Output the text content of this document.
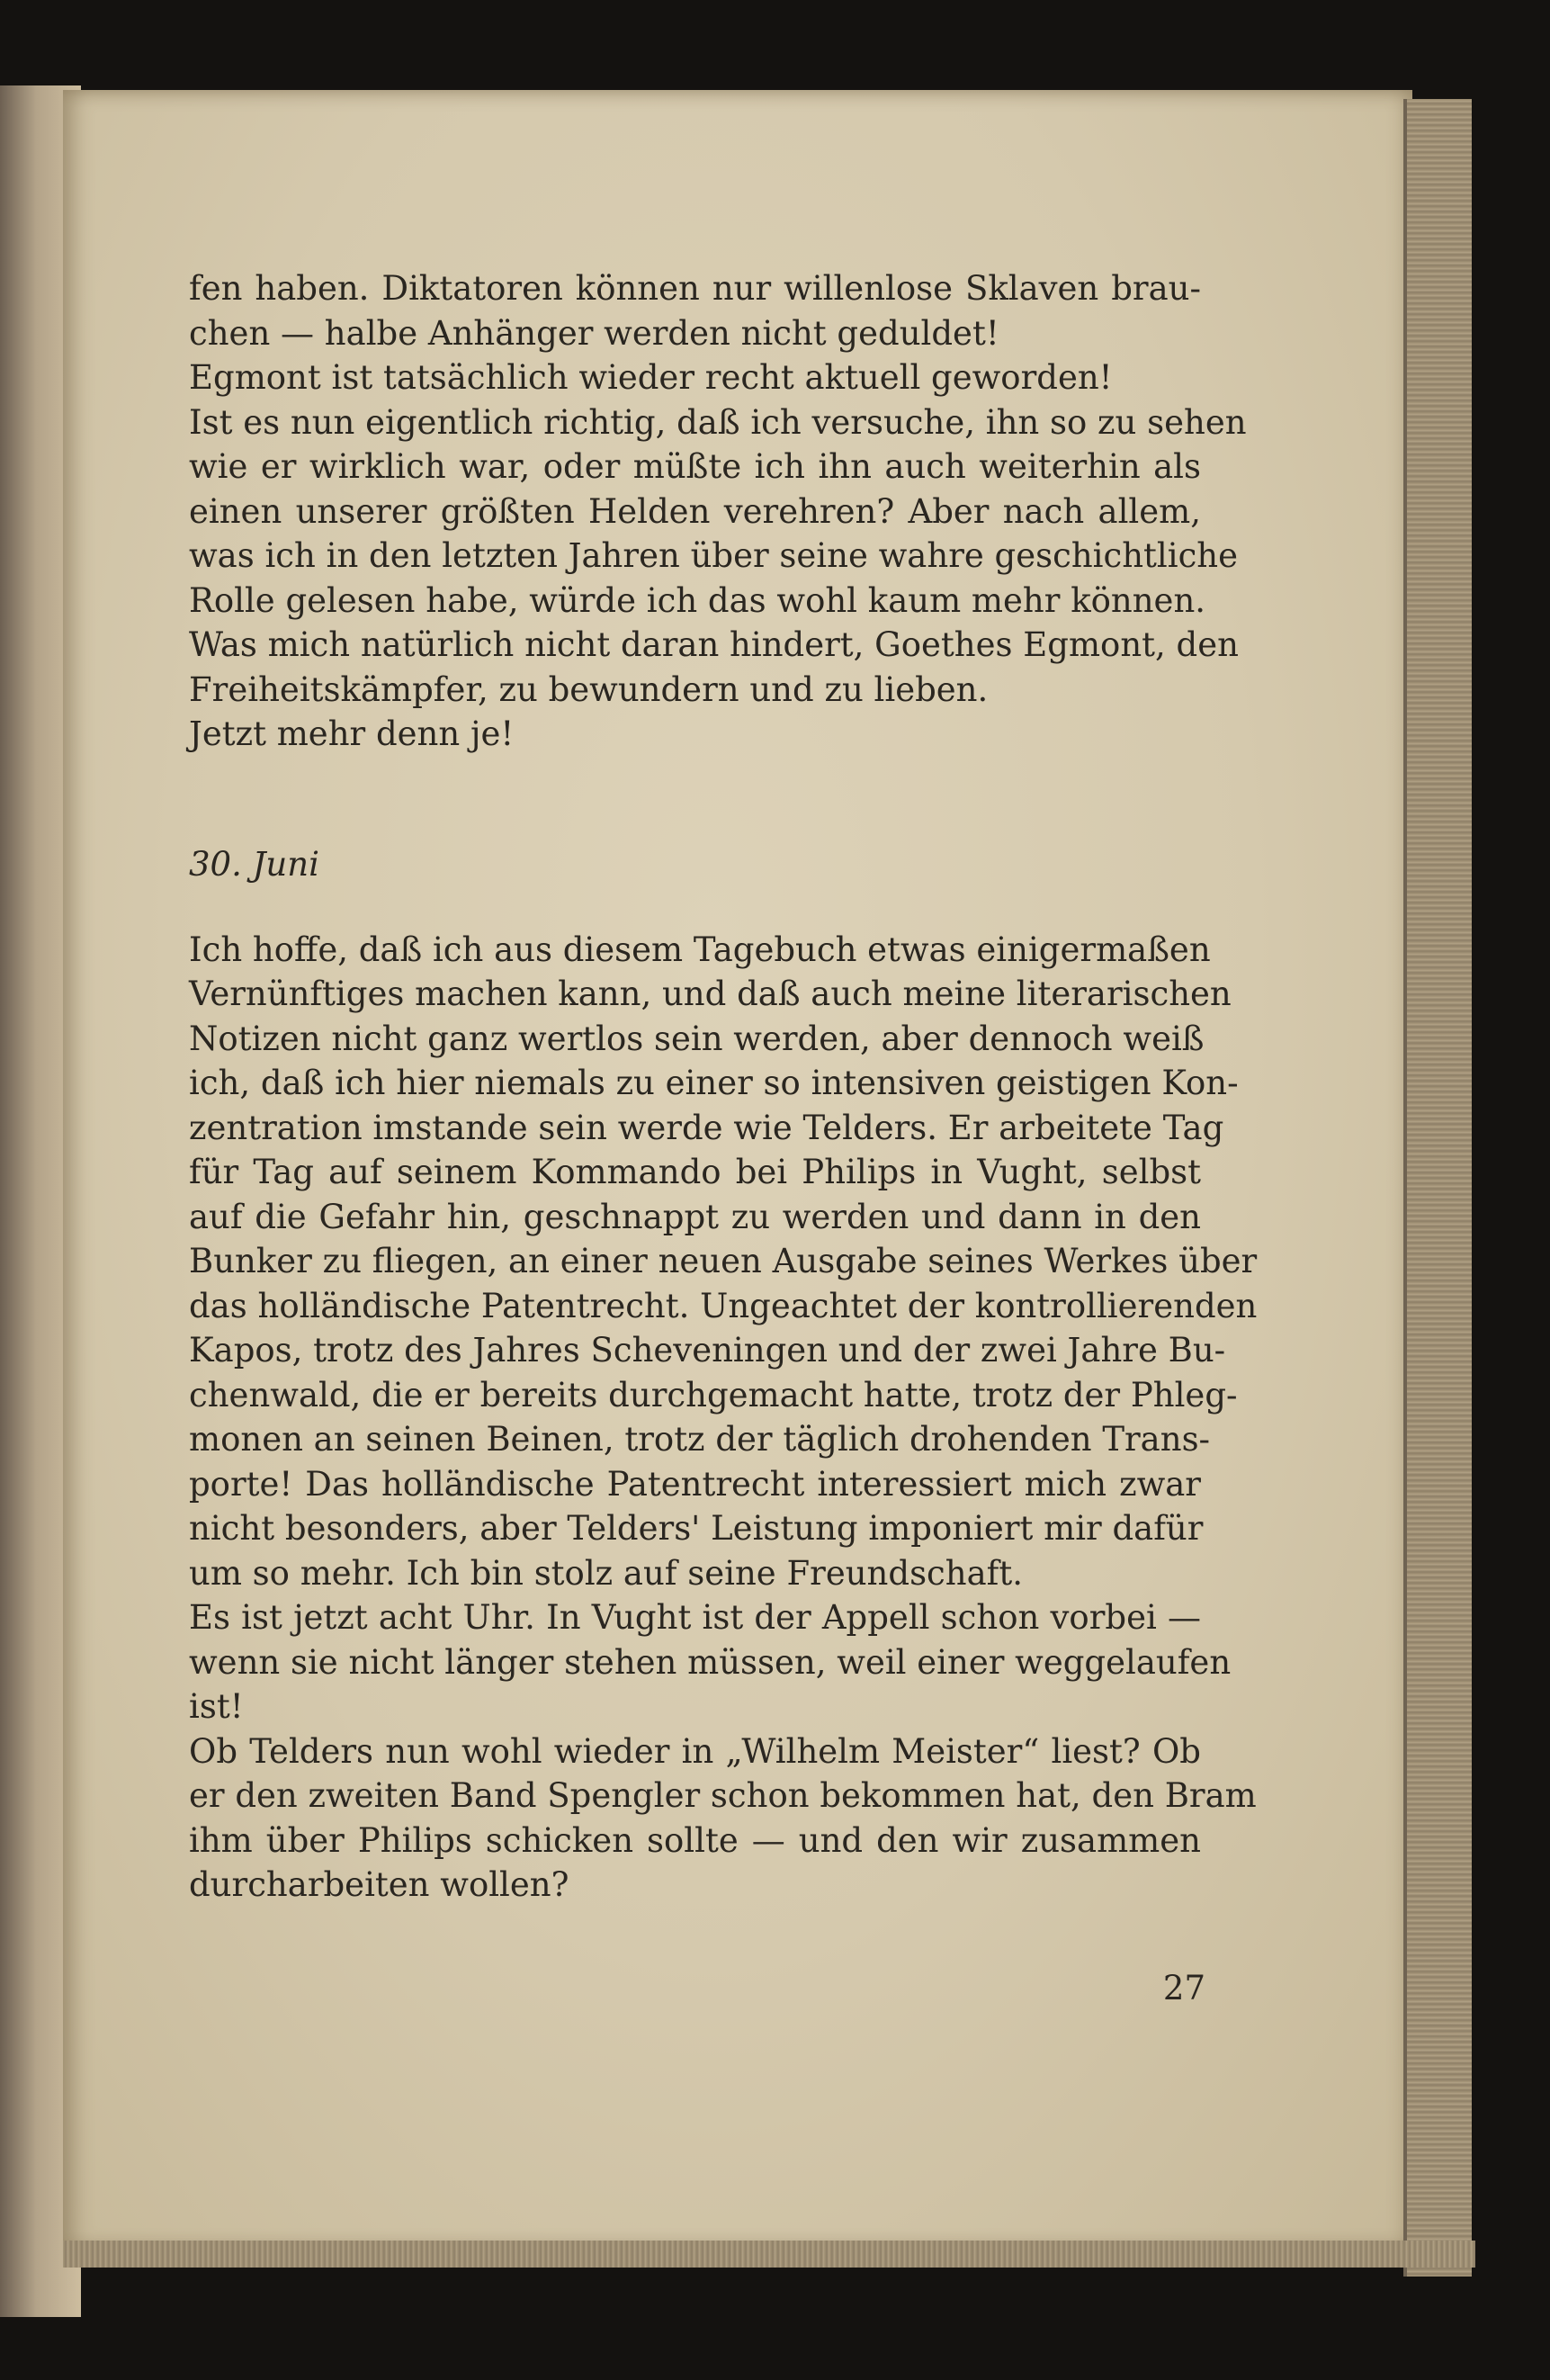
fen haben. Diktatoren können nur willenlose Sklaven brau-
chen — halbe Anhänger werden nicht geduldet!
Egmont ist tatsächlich wieder recht aktuell geworden!
Ist es nun eigentlich richtig, daß ich versuche, ihn so zu sehen
wie er wirklich war, oder müßte ich ihn auch weiterhin als
einen unserer größten Helden verehren? Aber nach allem,
was ich in den letzten Jahren über seine wahre geschichtliche
Rolle gelesen habe, würde ich das wohl kaum mehr können.
Was mich natürlich nicht daran hindert, Goethes Egmont, den
Freiheitskämpfer, zu bewundern und zu lieben.
Jetzt mehr denn je!
30. Juni
Ich hoffe, daß ich aus diesem Tagebuch etwas einigermaßen
Vernünftiges machen kann, und daß auch meine literarischen
Notizen nicht ganz wertlos sein werden, aber dennoch weiß
ich, daß ich hier niemals zu einer so intensiven geistigen Kon-
zentration imstande sein werde wie Telders. Er arbeitete Tag
für Tag auf seinem Kommando bei Philips in Vught, selbst
auf die Gefahr hin, geschnappt zu werden und dann in den
Bunker zu fliegen, an einer neuen Ausgabe seines Werkes über
das holländische Patentrecht. Ungeachtet der kontrollierenden
Kapos, trotz des Jahres Scheveningen und der zwei Jahre Bu-
chenwald, die er bereits durchgemacht hatte, trotz der Phleg-
monen an seinen Beinen, trotz der täglich drohenden Trans-
porte! Das holländische Patentrecht interessiert mich zwar
nicht besonders, aber Telders' Leistung imponiert mir dafür
um so mehr. Ich bin stolz auf seine Freundschaft.
Es ist jetzt acht Uhr. In Vught ist der Appell schon vorbei —
wenn sie nicht länger stehen müssen, weil einer weggelaufen
ist!
Ob Telders nun wohl wieder in „Wilhelm Meister“ liest? Ob
er den zweiten Band Spengler schon bekommen hat, den Bram
ihm über Philips schicken sollte — und den wir zusammen
durcharbeiten wollen?
27
